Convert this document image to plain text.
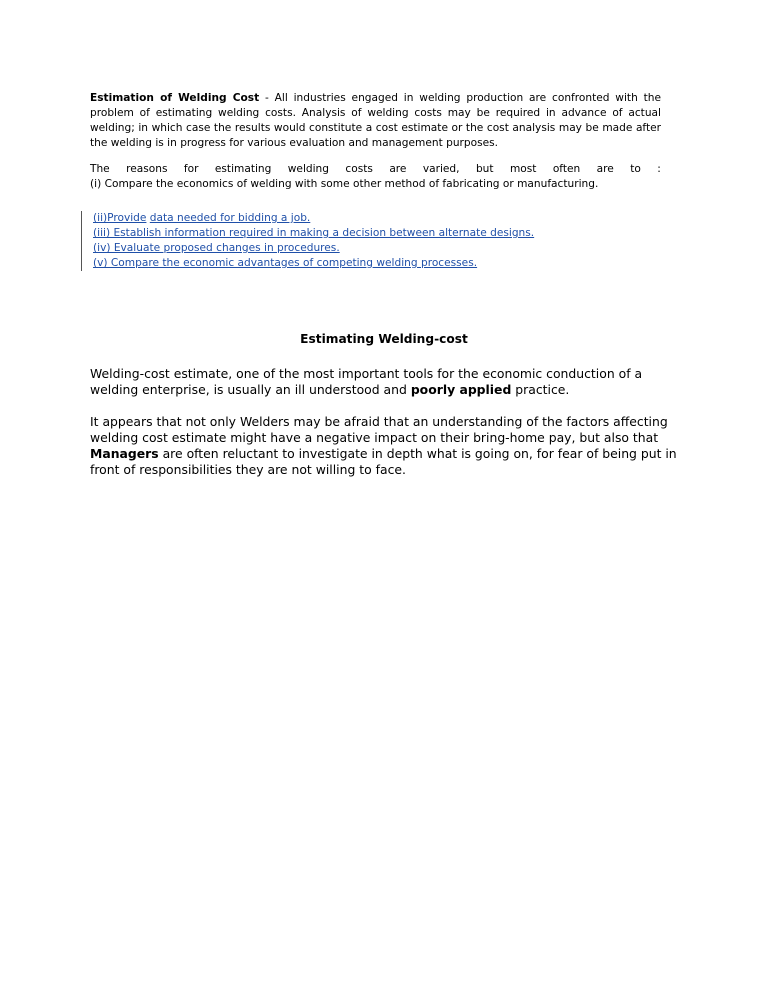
Estimation of Welding Cost - All industries engaged in welding production are confronted with the problem of estimating welding costs. Analysis of welding costs may be required in advance of actual welding; in which case the results would constitute a cost estimate or the cost analysis may be made after the welding is in progress for various evaluation and management purposes.

The reasons for estimating welding costs are varied, but most often are to :

(i) Compare the economics of welding with some other method of fabricating or manufacturing.

(ii)Provide data needed for bidding a job.
(iii) Establish information required in making a decision between alternate designs.
(iv) Evaluate proposed changes in procedures.
(v) Compare the economic advantages of competing welding processes.
Estimating Welding-cost

Welding-cost estimate, one of the most important tools for the economic conduction of a welding enterprise, is usually an ill understood and poorly applied practice.

It appears that not only Welders may be afraid that an understanding of the factors affecting welding cost estimate might have a negative impact on their bring-home pay, but also that Managers are often reluctant to investigate in depth what is going on, for fear of being put in front of responsibilities they are not willing to face.
